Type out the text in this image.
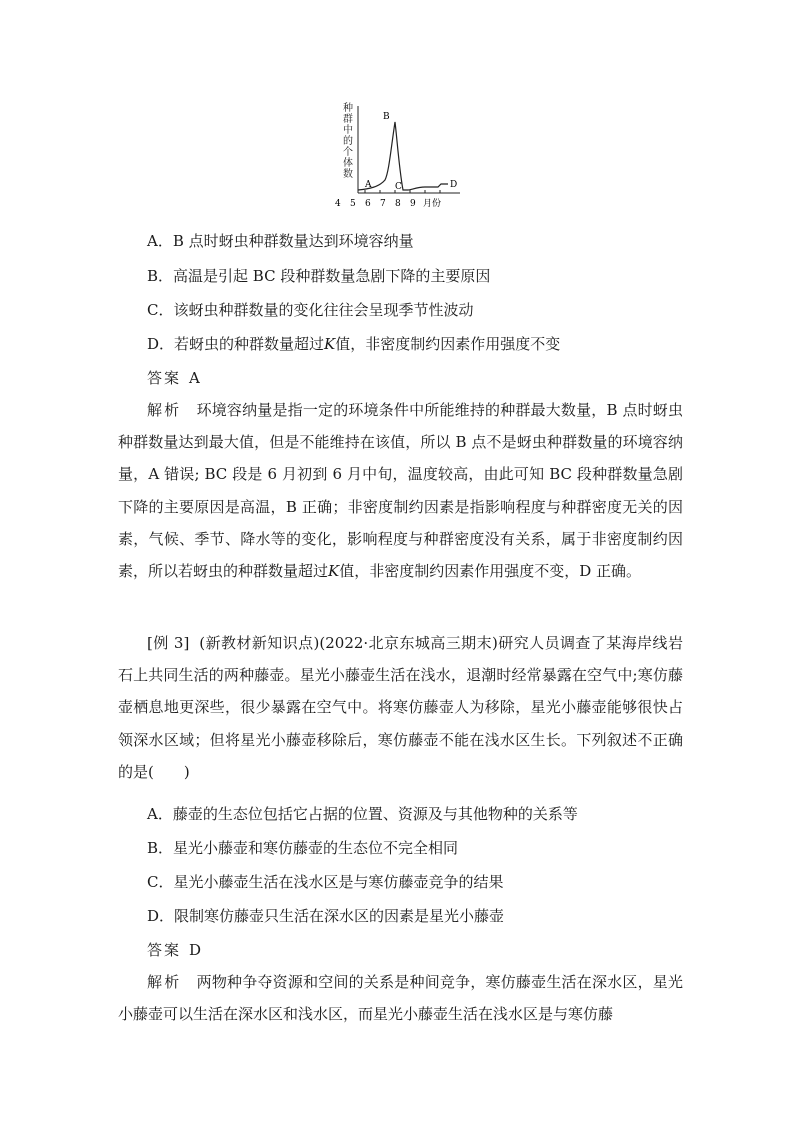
种群中的个体数
4 5 6 7 8 9 月份
A
B
C	D
A．B 点时蚜虫种群数量达到环境容纳量
B．高温是引起 BC 段种群数量急剧下降的主要原因
C．该蚜虫种群数量的变化往往会呈现季节性波动
D．若蚜虫的种群数量超过K值，非密度制约因素作用强度不变
答案 A
解析　 环境容纳量是指一定的环境条件中所能维持的种群最大数量，B 点时蚜虫种群数量达到最大值，但是不能维持在该值，所以 B 点不是蚜虫种群数量的环境容纳量，A 错误; BC 段是 6 月初到 6 月中旬，温度较高，由此可知 BC 段种群数量急剧下降的主要原因是高温，B 正确；非密度制约因素是指影响程度与种群密度无关的因素，气候、季节、降水等的变化，影响程度与种群密度没有关系，属于非密度制约因素，所以若蚜虫的种群数量超过K值，非密度制约因素作用强度不变，D 正确。
[例 3] (新教材新知识点)(2022·北京东城高三期末)研究人员调查了某海岸线岩石上共同生活的两种藤壶。星光小藤壶生活在浅水，退潮时经常暴露在空气中;寒仿藤壶栖息地更深些，很少暴露在空气中。将寒仿藤壶人为移除，星光小藤壶能够很快占领深水区域；但将星光小藤壶移除后，寒仿藤壶不能在浅水区生长。下列叙述不正确的是(　　)
A．藤壶的生态位包括它占据的位置、资源及与其他物种的关系等
B．星光小藤壶和寒仿藤壶的生态位不完全相同
C．星光小藤壶生活在浅水区是与寒仿藤壶竞争的结果
D．限制寒仿藤壶只生活在深水区的因素是星光小藤壶
答案 D
解析　 两物种争夺资源和空间的关系是种间竞争，寒仿藤壶生活在深水区，星光小藤壶可以生活在深水区和浅水区，而星光小藤壶生活在浅水区是与寒仿藤
